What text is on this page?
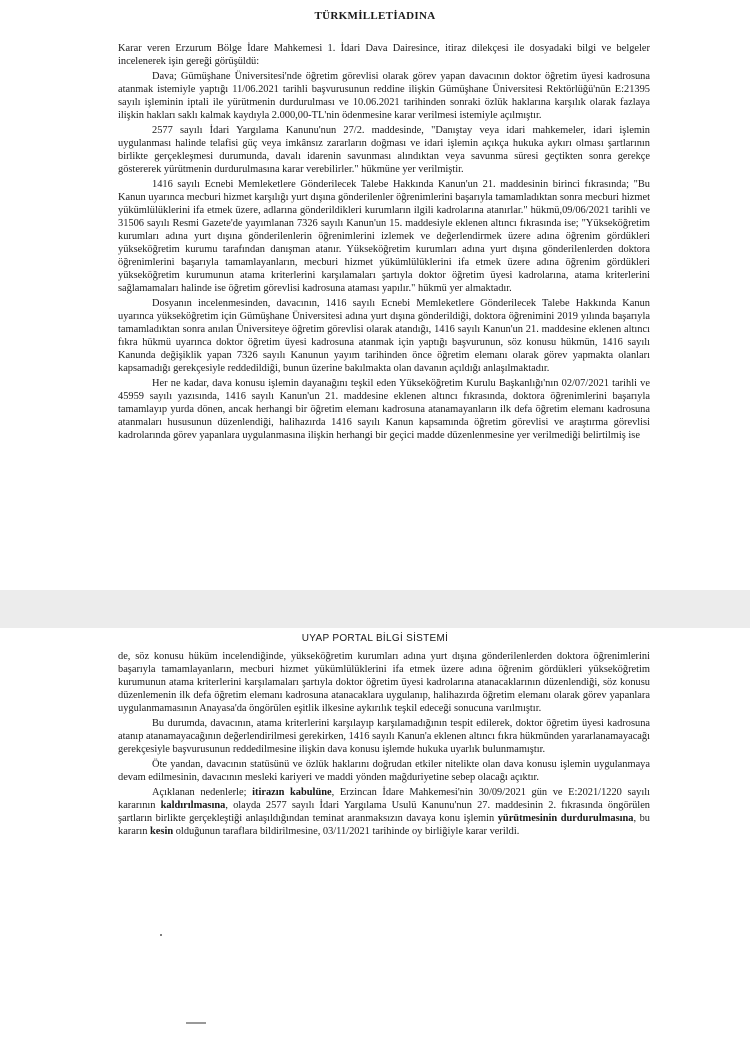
TÜRKMİLLETİADINA

Karar veren Erzurum Bölge İdare Mahkemesi 1. İdari Dava Dairesince, itiraz dilekçesi ile dosyadaki bilgi ve belgeler incelenerek işin gereği görüşüldü:

Dava; Gümüşhane Üniversitesi'nde öğretim görevlisi olarak görev yapan davacının doktor öğretim üyesi kadrosuna atanmak istemiyle yaptığı 11/06.2021 tarihli başvurusunun reddine ilişkin Gümüşhane Üniversitesi Rektörlüğü'nün E:21395 sayılı işleminin iptali ile yürütmenin durdurulması ve 10.06.2021 tarihinden sonraki özlük haklarına karşılık olarak fazlaya ilişkin hakları saklı kalmak kaydıyla 2.000,00-TL'nin ödenmesine karar verilmesi istemiyle açılmıştır.

2577 sayılı İdari Yargılama Kanunu'nun 27/2. maddesinde, "Danıştay veya idari mahkemeler, idari işlemin uygulanması halinde telafisi güç veya imkânsız zararların doğması ve idari işlemin açıkça hukuka aykırı olması şartlarının birlikte gerçekleşmesi durumunda, davalı idarenin savunması alındıktan veya savunma süresi geçtikten sonra gerekçe göstererek yürütmenin durdurulmasına karar verebilirler." hükmüne yer verilmiştir.

1416 sayılı Ecnebi Memleketlere Gönderilecek Talebe Hakkında Kanun'un 21. maddesinin birinci fıkrasında; "Bu Kanun uyarınca mecburi hizmet karşılığı yurt dışına gönderilenler öğrenimlerini başarıyla tamamladıktan sonra mecburi hizmet yükümlülüklerini ifa etmek üzere, adlarına gönderildikleri kurumların ilgili kadrolarına atanırlar." hükmü,09/06/2021 tarihli ve 31506 sayılı Resmi Gazete'de yayımlanan 7326 sayılı Kanun'un 15. maddesiyle eklenen altıncı fıkrasında ise; "Yükseköğretim kurumları adına yurt dışına gönderilenlerin öğrenimlerini izlemek ve değerlendirmek üzere adına öğrenim gördükleri yükseköğretim kurumu tarafından danışman atanır. Yükseköğretim kurumları adına yurt dışına gönderilenlerden doktora öğrenimlerini başarıyla tamamlayanların, mecburi hizmet yükümlülüklerini ifa etmek üzere adına öğrenim gördükleri yükseköğretim kurumunun atama kriterlerini karşılamaları şartıyla doktor öğretim üyesi kadrolarına, atama kriterlerini sağlamamaları halinde ise öğretim görevlisi kadrosuna ataması yapılır." hükmü yer almaktadır.

Dosyanın incelenmesinden, davacının, 1416 sayılı Ecnebi Memleketlere Gönderilecek Talebe Hakkında Kanun uyarınca yükseköğretim için Gümüşhane Üniversitesi adına yurt dışına gönderildiği, doktora öğrenimini 2019 yılında başarıyla tamamladıktan sonra anılan Üniversiteye öğretim görevlisi olarak atandığı, 1416 sayılı Kanun'un 21. maddesine eklenen altıncı fıkra hükmü uyarınca doktor öğretim üyesi kadrosuna atanmak için yaptığı başvurunun, söz konusu hükmün, 1416 sayılı Kanunda değişiklik yapan 7326 sayılı Kanunun yayım tarihinden önce öğretim elemanı olarak görev yapmakta olanları kapsamadığı gerekçesiyle reddedildiği, bunun üzerine bakılmakta olan davanın açıldığı anlaşılmaktadır.

Her ne kadar, dava konusu işlemin dayanağını teşkil eden Yükseköğretim Kurulu Başkanlığı'nın 02/07/2021 tarihli ve 45959 sayılı yazısında, 1416 sayılı Kanun'un 21. maddesine eklenen altıncı fıkrasında, doktora öğrenimlerini başarıyla tamamlayıp yurda dönen, ancak herhangi bir öğretim elemanı kadrosuna atanamayanların ilk defa öğretim elemanı kadrosuna atanmaları hususunun düzenlendiği, halihazırda 1416 sayılı Kanun kapsamında öğretim görevlisi ve araştırma görevlisi kadrolarında görev yapanlara uygulanmasına ilişkin herhangi bir geçici madde düzenlenmesine yer verilmediği belirtilmiş ise

UYAP PORTAL BİLGİ SİSTEMİ

de, söz konusu hüküm incelendiğinde, yükseköğretim kurumları adına yurt dışına gönderilenlerden doktora öğrenimlerini başarıyla tamamlayanların, mecburi hizmet yükümlülüklerini ifa etmek üzere adına öğrenim gördükleri yükseköğretim kurumunun atama kriterlerini karşılamaları şartıyla doktor öğretim üyesi kadrolarına atanacaklarının düzenlendiği, söz konusu düzenlemenin ilk defa öğretim elemanı kadrosuna atanacaklara uygulanıp, halihazırda öğretim elemanı olarak görev yapanlara uygulanmamasının Anayasa'da öngörülen eşitlik ilkesine aykırılık teşkil edeceği sonucuna varılmıştır.

Bu durumda, davacının, atama kriterlerini karşılayıp karşılamadığının tespit edilerek, doktor öğretim üyesi kadrosuna atanıp atanamayacağının değerlendirilmesi gerekirken, 1416 sayılı Kanun'a eklenen altıncı fıkra hükmünden yararlanamayacağı gerekçesiyle başvurusunun reddedilmesine ilişkin dava konusu işlemde hukuka uyarlık bulunmamıştır.

Öte yandan, davacının statüsünü ve özlük haklarını doğrudan etkiler nitelikte olan dava konusu işlemin uygulanmaya devam edilmesinin, davacının mesleki kariyeri ve maddi yönden mağduriyetine sebep olacağı açıktır.

Açıklanan nedenlerle; itirazın kabulüne, Erzincan İdare Mahkemesi'nin 30/09/2021 gün ve E:2021/1220 sayılı kararının kaldırılmasına, olayda 2577 sayılı İdari Yargılama Usulü Kanunu'nun 27. maddesinin 2. fıkrasında öngörülen şartların birlikte gerçekleştiği anlaşıldığından teminat aranmaksızın davaya konu işlemin yürütmesinin durdurulmasına, bu kararın kesin olduğunun taraflara bildirilmesine, 03/11/2021 tarihinde oy birliğiyle karar verildi.
